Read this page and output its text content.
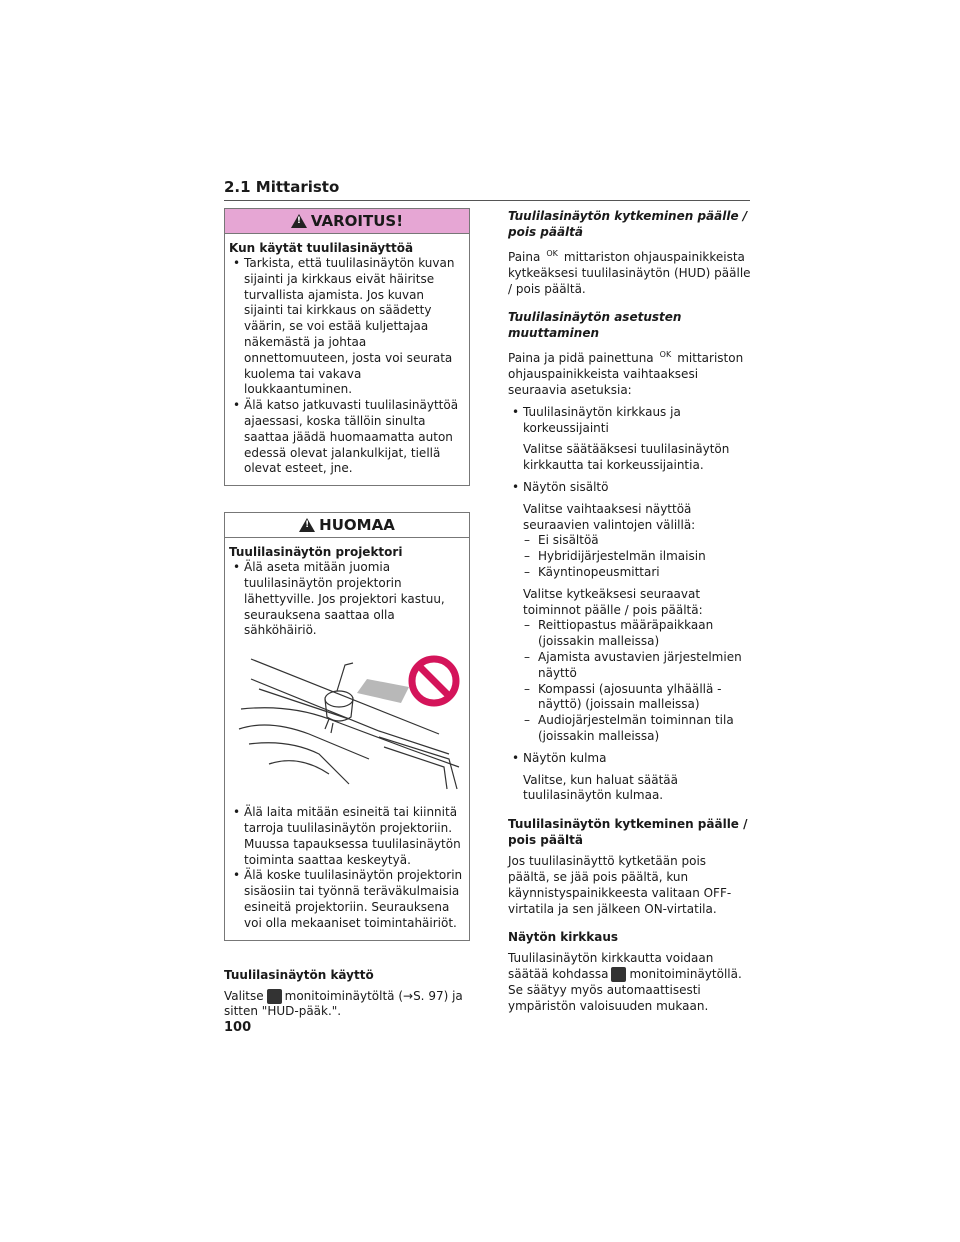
2.1 Mittaristo
!
VAROITUS!
Kun käytät tuulilasinäyttöä
• Tarkista, että tuulilasinäytön kuvan sijainti ja kirkkaus eivät häiritse turvallista ajamista. Jos kuvan sijainti tai kirkkaus on säädetty väärin, se voi estää kuljettajaa näkemästä ja johtaa onnettomuuteen, josta voi seurata kuolema tai vakava loukkaantuminen.
• Älä katso jatkuvasti tuulilasinäyttöä ajaessasi, koska tällöin sinulta saattaa jäädä huomaamatta auton edessä olevat jalankulkijat, tiellä olevat esteet, jne.
!
HUOMAA
Tuulilasinäytön projektori
• Älä aseta mitään juomia tuulilasinäytön projektorin lähettyville. Jos projektori kastuu, seurauksena saattaa olla sähköhäiriö.
• Älä laita mitään esineitä tai kiinnitä tarroja tuulilasinäytön projektoriin. Muussa tapauksessa tuulilasinäytön toiminta saattaa keskeytyä.
• Älä koske tuulilasinäytön projektorin sisäosiin tai työnnä teräväkulmaisia esineitä projektoriin. Seurauksena voi olla mekaaniset toimintahäiriöt.
Tuulilasinäytön käyttö
Valitse monitoiminäytöltä (→S. 97) ja sitten "HUD-pääk.".
Tuulilasinäytön kytkeminen päälle / pois päältä
Paina $^{OK}$ mittariston ohjauspainikkeista kytkeäksesi tuulilasinäytön (HUD) päälle / pois päältä.
Tuulilasinäytön asetusten muuttaminen
Paina ja pidä painettuna $^{OK}$ mittariston ohjauspainikkeista vaihtaaksesi seuraavia asetuksia:
• Tuulilasinäytön kirkkaus ja korkeussijainti
Valitse säätääksesi tuulilasinäytön kirkkautta tai korkeussijaintia.
• Näytön sisältö
Valitse vaihtaaksesi näyttöä seuraavien valintojen välillä:
– Ei sisältöä
– Hybridijärjestelmän ilmaisin
– Käyntinopeusmittari
Valitse kytkeäksesi seuraavat toiminnot päälle / pois päältä:
– Reittiopastus määräpaikkaan (joissakin malleissa)
– Ajamista avustavien järjestelmien näyttö
– Kompassi (ajosuunta ylhäällä -näyttö) (joissain malleissa)
– Audiojärjestelmän toiminnan tila (joissakin malleissa)
• Näytön kulma
Valitse, kun haluat säätää tuulilasinäytön kulmaa.
Tuulilasinäytön kytkeminen päälle / pois päältä
Jos tuulilasinäyttö kytketään pois päältä, se jää pois päältä, kun käynnistyspainikkeesta valitaan OFF-virtatila ja sen jälkeen ON-virtatila.
Näytön kirkkaus
Tuulilasinäytön kirkkautta voidaan säätää kohdassa monitoiminäytöllä. Se säätyy myös automaattisesti ympäristön valoisuuden mukaan.
100
